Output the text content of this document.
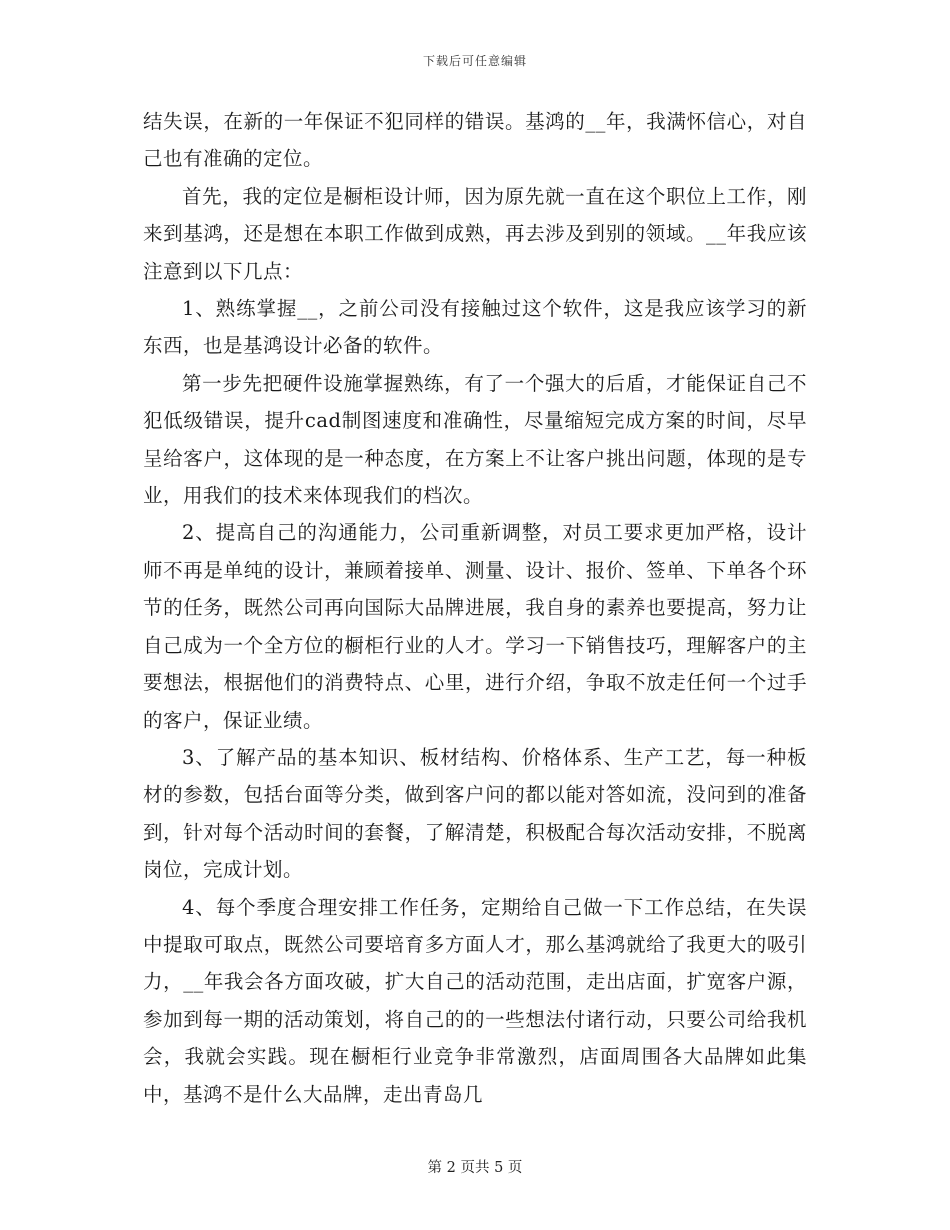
下载后可任意编辑

结失误，在新的一年保证不犯同样的错误。基鸿的__年，我满怀信心，对自己也有准确的定位。

首先，我的定位是橱柜设计师，因为原先就一直在这个职位上工作，刚来到基鸿，还是想在本职工作做到成熟，再去涉及到别的领域。__年我应该注意到以下几点：

1、熟练掌握__，之前公司没有接触过这个软件，这是我应该学习的新东西，也是基鸿设计必备的软件。

第一步先把硬件设施掌握熟练，有了一个强大的后盾，才能保证自己不犯低级错误，提升cad制图速度和准确性，尽量缩短完成方案的时间，尽早呈给客户，这体现的是一种态度，在方案上不让客户挑出问题，体现的是专业，用我们的技术来体现我们的档次。

2、提高自己的沟通能力，公司重新调整，对员工要求更加严格，设计师不再是单纯的设计，兼顾着接单、测量、设计、报价、签单、下单各个环节的任务，既然公司再向国际大品牌进展，我自身的素养也要提高，努力让自己成为一个全方位的橱柜行业的人才。学习一下销售技巧，理解客户的主要想法，根据他们的消费特点、心里，进行介绍，争取不放走任何一个过手的客户，保证业绩。

3、了解产品的基本知识、板材结构、价格体系、生产工艺，每一种板材的参数，包括台面等分类，做到客户问的都以能对答如流，没问到的准备到，针对每个活动时间的套餐，了解清楚，积极配合每次活动安排，不脱离岗位，完成计划。

4、每个季度合理安排工作任务，定期给自己做一下工作总结，在失误中提取可取点，既然公司要培育多方面人才，那么基鸿就给了我更大的吸引力，__年我会各方面攻破，扩大自己的活动范围，走出店面，扩宽客户源，参加到每一期的活动策划，将自己的的一些想法付诸行动，只要公司给我机会，我就会实践。现在橱柜行业竞争非常激烈，店面周围各大品牌如此集中，基鸿不是什么大品牌，走出青岛几

第 2 页共 5 页
